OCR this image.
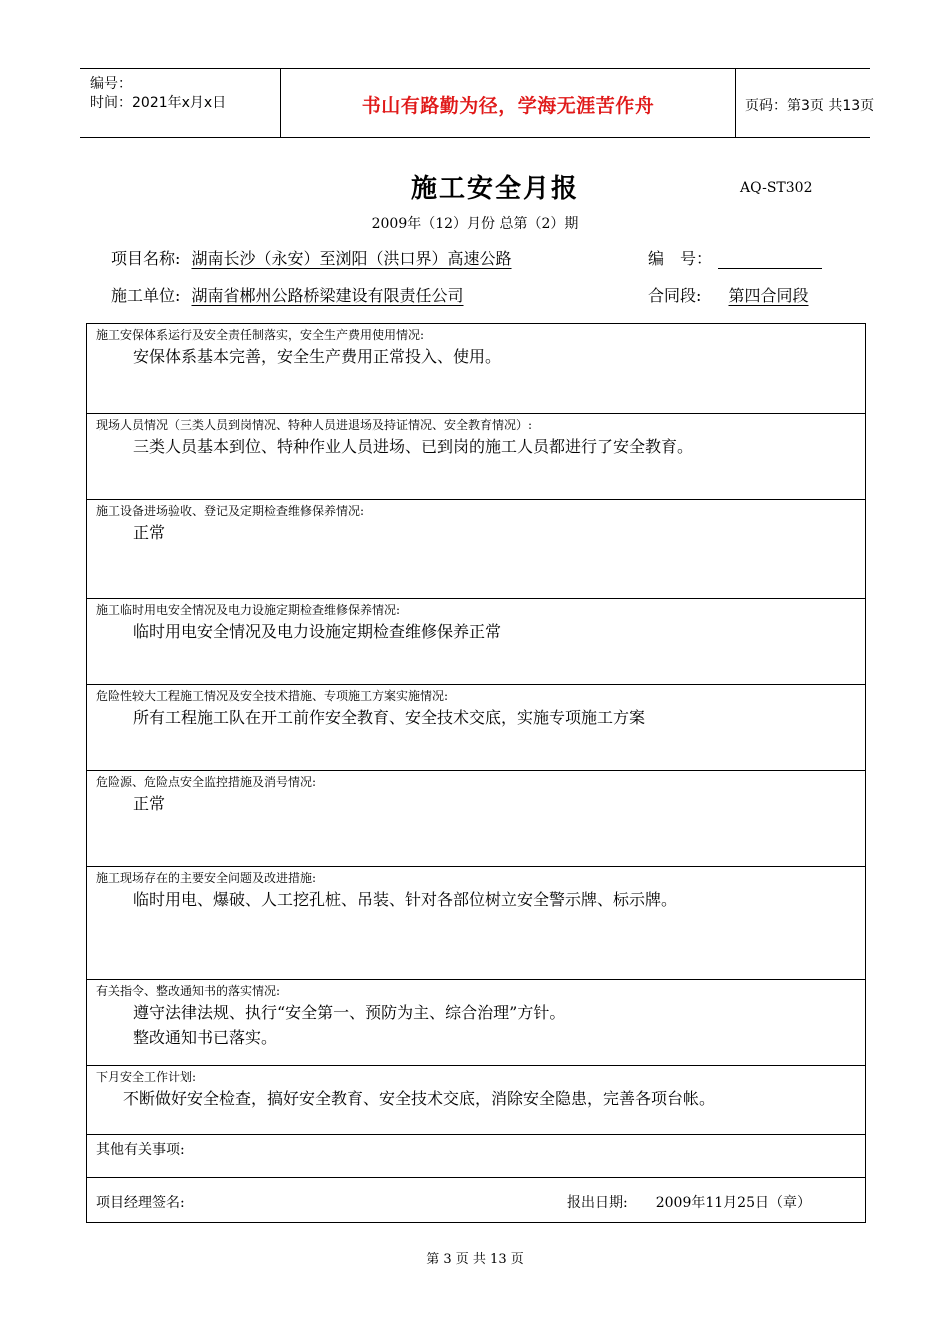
编号：
时间：2021年x月x日	书山有路勤为径，学海无涯苦作舟	页码：第3页 共13页
施工安全月报	AQ-ST302
2009年（12）月份 总第（2）期
项目名称: 湖南长沙（永安）至浏阳（洪口界）高速公路	编　号：
施工单位: 湖南省郴州公路桥梁建设有限责任公司	合同段: 第四合同段
施工安保体系运行及安全责任制落实，安全生产费用使用情况:
安保体系基本完善，安全生产费用正常投入、使用。
现场人员情况（三类人员到岗情况、特种人员进退场及持证情况、安全教育情况）:
三类人员基本到位、特种作业人员进场、已到岗的施工人员都进行了安全教育。
施工设备进场验收、登记及定期检查维修保养情况:
正常
施工临时用电安全情况及电力设施定期检查维修保养情况:
临时用电安全情况及电力设施定期检查维修保养正常
危险性较大工程施工情况及安全技术措施、专项施工方案实施情况:
所有工程施工队在开工前作安全教育、安全技术交底，实施专项施工方案
危险源、危险点安全监控措施及消号情况:
正常
施工现场存在的主要安全问题及改进措施:
临时用电、爆破、人工挖孔桩、吊装、针对各部位树立安全警示牌、标示牌。
有关指令、整改通知书的落实情况:
遵守法律法规、执行“安全第一、预防为主、综合治理”方针。
整改通知书已落实。
下月安全工作计划:
不断做好安全检查，搞好安全教育、安全技术交底，消除安全隐患，完善各项台帐。
其他有关事项:
项目经理签名:	报出日期:　　2009年11月25日（章）
第 3 页 共 13 页
